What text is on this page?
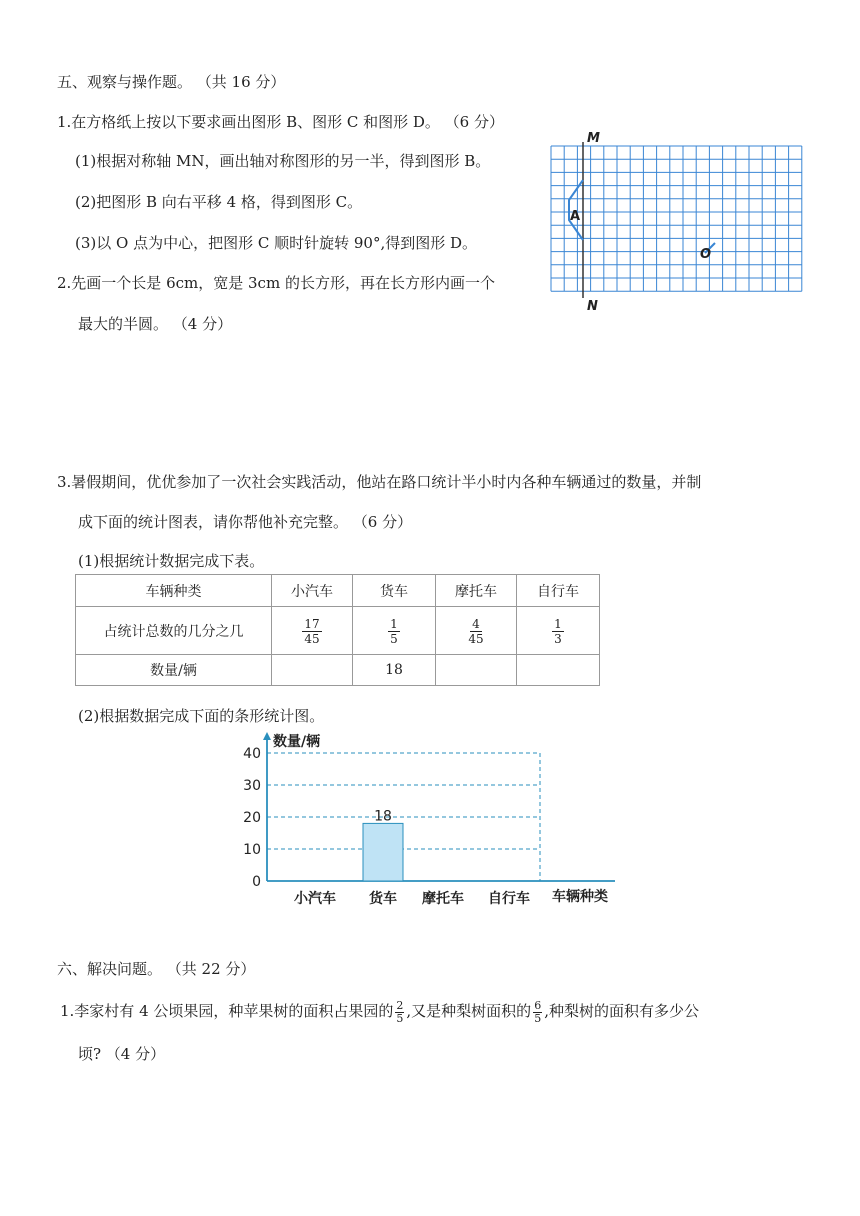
五、观察与操作题。 （共 16 分）
1.在方格纸上按以下要求画出图形 B、图形 C 和图形 D。 （6 分）
(1)根据对称轴 MN，画出轴对称图形的另一半，得到图形 B。
(2)把图形 B 向右平移 4 格，得到图形 C。
(3)以 O 点为中心，把图形 C 顺时针旋转 90°,得到图形 D。
2.先画一个长是 6cm，宽是 3cm 的长方形，再在长方形内画一个
最大的半圆。 （4 分）
M
N
A
O
3.暑假期间，优优参加了一次社会实践活动，他站在路口统计半小时内各种车辆通过的数量，并制
成下面的统计图表，请你帮他补充完整。 （6 分）
(1)根据统计数据完成下表。
车辆种类	小汽车	货车	摩托车	自行车
占统计总数的几分之几	$\frac{17}{45}$	$\frac{1}{5}$	$\frac{4}{45}$	$\frac{1}{3}$

数量/辆		18		
(2)根据数据完成下面的条形统计图。
0
10
20
30
40
数量/辆
小汽车 货车
18
摩托车 自行车 车辆种类
六、解决问题。 （共 22 分）
1.李家村有 4 公顷果园，种苹果树的面积占果园的 $\frac{2}{5}$ ,又是种梨树面积的 $\frac{6}{5}$ ,种梨树的面积有多少公
顷? （4 分）
